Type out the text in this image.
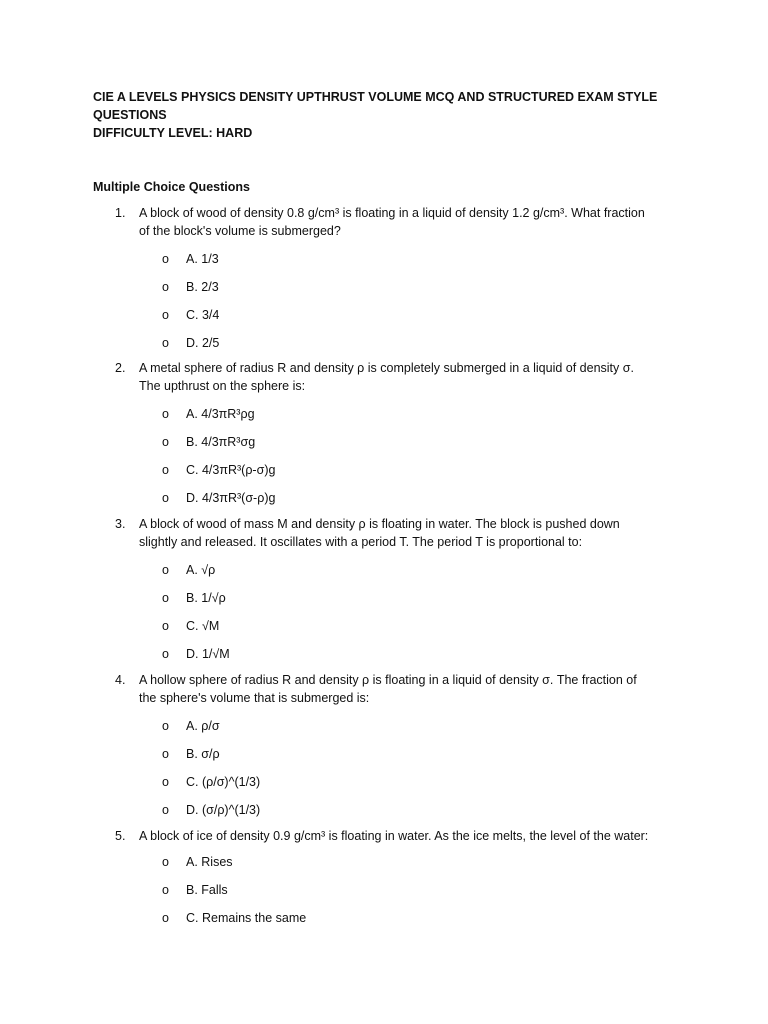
CIE A LEVELS PHYSICS DENSITY UPTHRUST VOLUME MCQ AND STRUCTURED EXAM STYLE
QUESTIONS
DIFFICULTY LEVEL: HARD
Multiple Choice Questions
1. A block of wood of density 0.8 g/cm³ is floating in a liquid of density 1.2 g/cm³. What fraction
of the block's volume is submerged?
o A. 1/3
o B. 2/3
o C. 3/4
o D. 2/5
2. A metal sphere of radius R and density ρ is completely submerged in a liquid of density σ.
The upthrust on the sphere is:
o A. 4/3πR³ρg
o B. 4/3πR³σg
o C. 4/3πR³(ρ-σ)g
o D. 4/3πR³(σ-ρ)g
3. A block of wood of mass M and density ρ is floating in water. The block is pushed down
slightly and released. It oscillates with a period T. The period T is proportional to:
o A. √ρ
o B. 1/√ρ
o C. √M
o D. 1/√M
4. A hollow sphere of radius R and density ρ is floating in a liquid of density σ. The fraction of
the sphere's volume that is submerged is:
o A. ρ/σ
o B. σ/ρ
o C. (ρ/σ)^(1/3)
o D. (σ/ρ)^(1/3)
5. A block of ice of density 0.9 g/cm³ is floating in water. As the ice melts, the level of the water:
o A. Rises
o B. Falls
o C. Remains the same
